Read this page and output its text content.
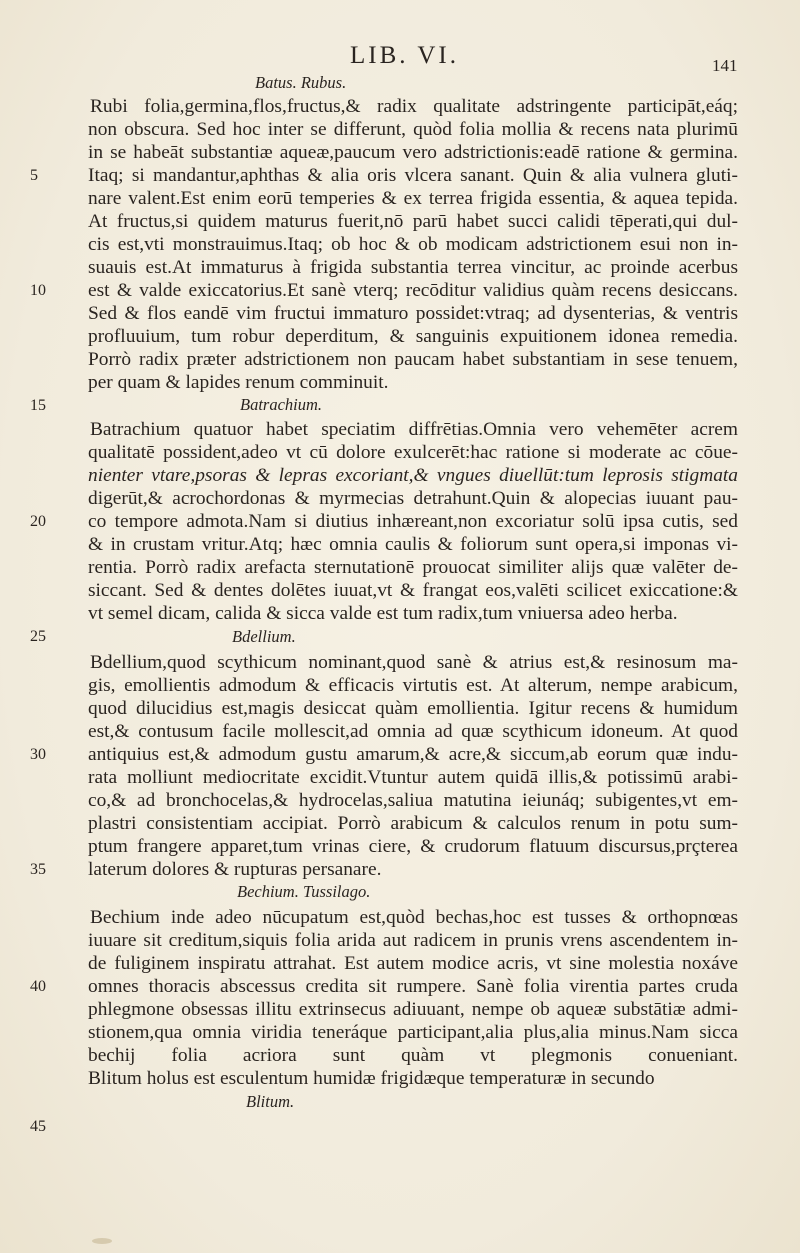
LIB. VI.	141
Batus. Rubus.
Rubi folia,germina,flos,fructus,& radix qualitate adstringente participāt,eáq;
non obscura. Sed hoc inter se differunt, quòd folia mollia & recens nata plurimū
in se habeāt substantiæ aqueæ,paucum vero adstrictionis:eadē ratione & germina.
5	Itaq; si mandantur,aphthas & alia oris vlcera sanant. Quin & alia vulnera gluti-
nare valent.Est enim eorū temperies & ex terrea frigida essentia, & aquea tepida.
At fructus,si quidem maturus fuerit,nō parū habet succi calidi tēperati,qui dul-
cis est,vti monstrauimus.Itaq; ob hoc & ob modicam adstrictionem esui non in-
suauis est.At immaturus à frigida substantia terrea vincitur, ac proinde acerbus
10	est & valde exiccatorius.Et sanè vterq; recōditur validius quàm recens desiccans.
Sed & flos eandē vim fructui immaturo possidet:vtraq; ad dysenterias, & ventris
profluuium, tum robur deperditum, & sanguinis expuitionem idonea remedia.
Porrò radix præter adstrictionem non paucam habet substantiam in sese tenuem,
per quam & lapides renum comminuit.
15	Batrachium.
Batrachium quatuor habet speciatim diffrētias.Omnia vero vehemēter acrem
qualitatē possident,adeo vt cū dolore exulcerēt:hac ratione si moderate ac cōue-
nienter vtare,psoras & lepras excoriant,& vngues diuellūt:tum leprosis stigmata
digerūt,& acrochordonas & myrmecias detrahunt.Quin & alopecias iuuant pau-
20	co tempore admota.Nam si diutius inhæreant,non excoriatur solū ipsa cutis, sed
& in crustam vritur.Atq; hæc omnia caulis & foliorum sunt opera,si imponas vi-
rentia. Porrò radix arefacta sternutationē prouocat similiter alijs quæ valēter de-
siccant. Sed & dentes dolētes iuuat,vt & frangat eos,valēti scilicet exiccatione:&
vt semel dicam, calida & sicca valde est tum radix,tum vniuersa adeo herba.
25	Bdellium.
Bdellium,quod scythicum nominant,quod sanè & atrius est,& resinosum ma-
gis, emollientis admodum & efficacis virtutis est. At alterum, nempe arabicum,
quod dilucidius est,magis desiccat quàm emollientia. Igitur recens & humidum
est,& contusum facile mollescit,ad omnia ad quæ scythicum idoneum. At quod
30	antiquius est,& admodum gustu amarum,& acre,& siccum,ab eorum quæ indu-
rata molliunt mediocritate excidit.Vtuntur autem quidā illis,& potissimū arabi-
co,& ad bronchocelas,& hydrocelas,saliua matutina ieiunáq; subigentes,vt em-
plastri consistentiam accipiat. Porrò arabicum & calculos renum in potu sum-
ptum frangere apparet,tum vrinas ciere, & crudorum flatuum discursus,prçterea
35	laterum dolores & rupturas persanare.
Bechium. Tussilago.
Bechium inde adeo nūcupatum est,quòd bechas,hoc est tusses & orthopnœas
iuuare sit creditum,siquis folia arida aut radicem in prunis vrens ascendentem in-
de fuliginem inspiratu attrahat. Est autem modice acris, vt sine molestia noxáve
40	omnes thoracis abscessus credita sit rumpere. Sanè folia virentia partes cruda
phlegmone obsessas illitu extrinsecus adiuuant, nempe ob aqueæ substātiæ admi-
stionem,qua omnia viridia teneráque participant,alia plus,alia minus.Nam sicca
bechij folia acriora sunt quàm vt plegmonis conueniant.
Blitum holus est esculentum humidæ frigidæque temperaturæ in secundo
Blitum.
45
